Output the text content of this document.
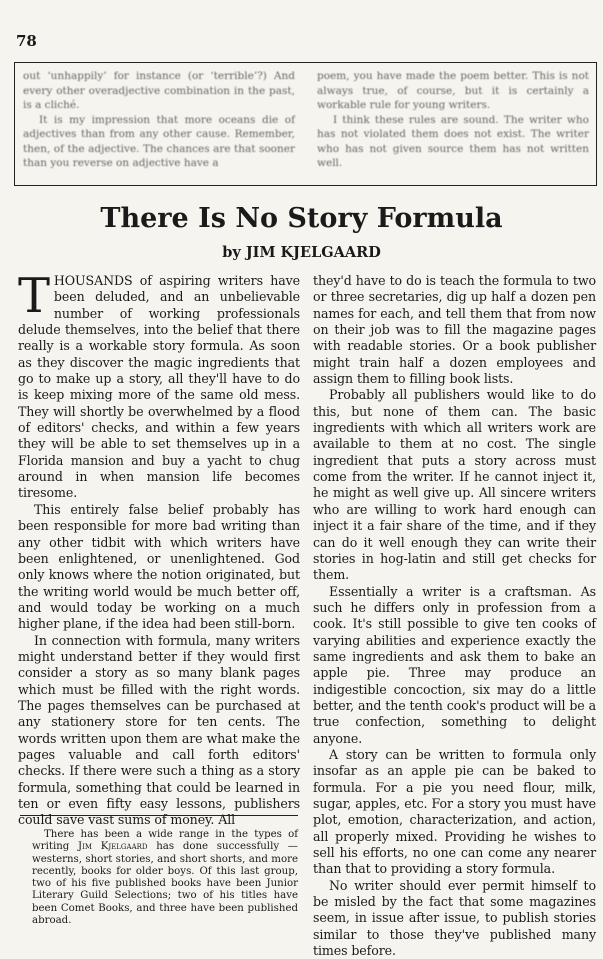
78

out ‘unhappily’ for instance (or ‘terrible’?) And every other overadjective combination in the past, is a cliché.

It is my impression that more oceans die of adjectives than from any other cause. Remember, then, of the adjective. The chances are that sooner than you reverse on adjective have a

poem, you have made the poem better. This is not always true, of course, but it is certainly a workable rule for young writers.

I think these rules are sound. The writer who has not violated them does not exist. The writer who has not given source them has not written well.

There Is No Story Formula
by JIM KJELGAARD

THOUSANDS of aspiring writers have been deluded, and an unbelievable number of working professionals delude themselves, into the belief that there really is a workable story formula. As soon as they discover the magic ingredients that go to make up a story, all they'll have to do is keep mixing more of the same old mess. They will shortly be overwhelmed by a flood of editors' checks, and within a few years they will be able to set themselves up in a Florida mansion and buy a yacht to chug around in when mansion life becomes tiresome.

This entirely false belief probably has been responsible for more bad writing than any other tidbit with which writers have been enlightened, or unenlightened. God only knows where the notion originated, but the writing world would be much better off, and would today be working on a much higher plane, if the idea had been still-born.

In connection with formula, many writers might understand better if they would first consider a story as so many blank pages which must be filled with the right words. The pages themselves can be purchased at any stationery store for ten cents. The words written upon them are what make the pages valuable and call forth editors' checks. If there were such a thing as a story formula, something that could be learned in ten or even fifty easy lessons, publishers could save vast sums of money. All

they'd have to do is teach the formula to two or three secretaries, dig up half a dozen pen names for each, and tell them that from now on their job was to fill the magazine pages with readable stories. Or a book publisher might train half a dozen employees and assign them to filling book lists.

Probably all publishers would like to do this, but none of them can. The basic ingredients with which all writers work are available to them at no cost. The single ingredient that puts a story across must come from the writer. If he cannot inject it, he might as well give up. All sincere writers who are willing to work hard enough can inject it a fair share of the time, and if they can do it well enough they can write their stories in hog-latin and still get checks for them.

Essentially a writer is a craftsman. As such he differs only in profession from a cook. It's still possible to give ten cooks of varying abilities and experience exactly the same ingredients and ask them to bake an apple pie. Three may produce an indigestible concoction, six may do a little better, and the tenth cook's product will be a true confection, something to delight anyone.

A story can be written to formula only insofar as an apple pie can be baked to formula. For a pie you need flour, milk, sugar, apples, etc. For a story you must have plot, emotion, characterization, and action, all properly mixed. Providing he wishes to sell his efforts, no one can come any nearer than that to providing a story formula.

No writer should ever permit himself to be misled by the fact that some magazines seem, in issue after issue, to publish stories similar to those they've published many times before.

There has been a wide range in the types of writing Jim Kjelgaard has done successfully — westerns, short stories, and short shorts, and more recently, books for older boys. Of this last group, two of his five published books have been Junior Literary Guild Selections; two of his titles have been Comet Books, and three have been published abroad.
